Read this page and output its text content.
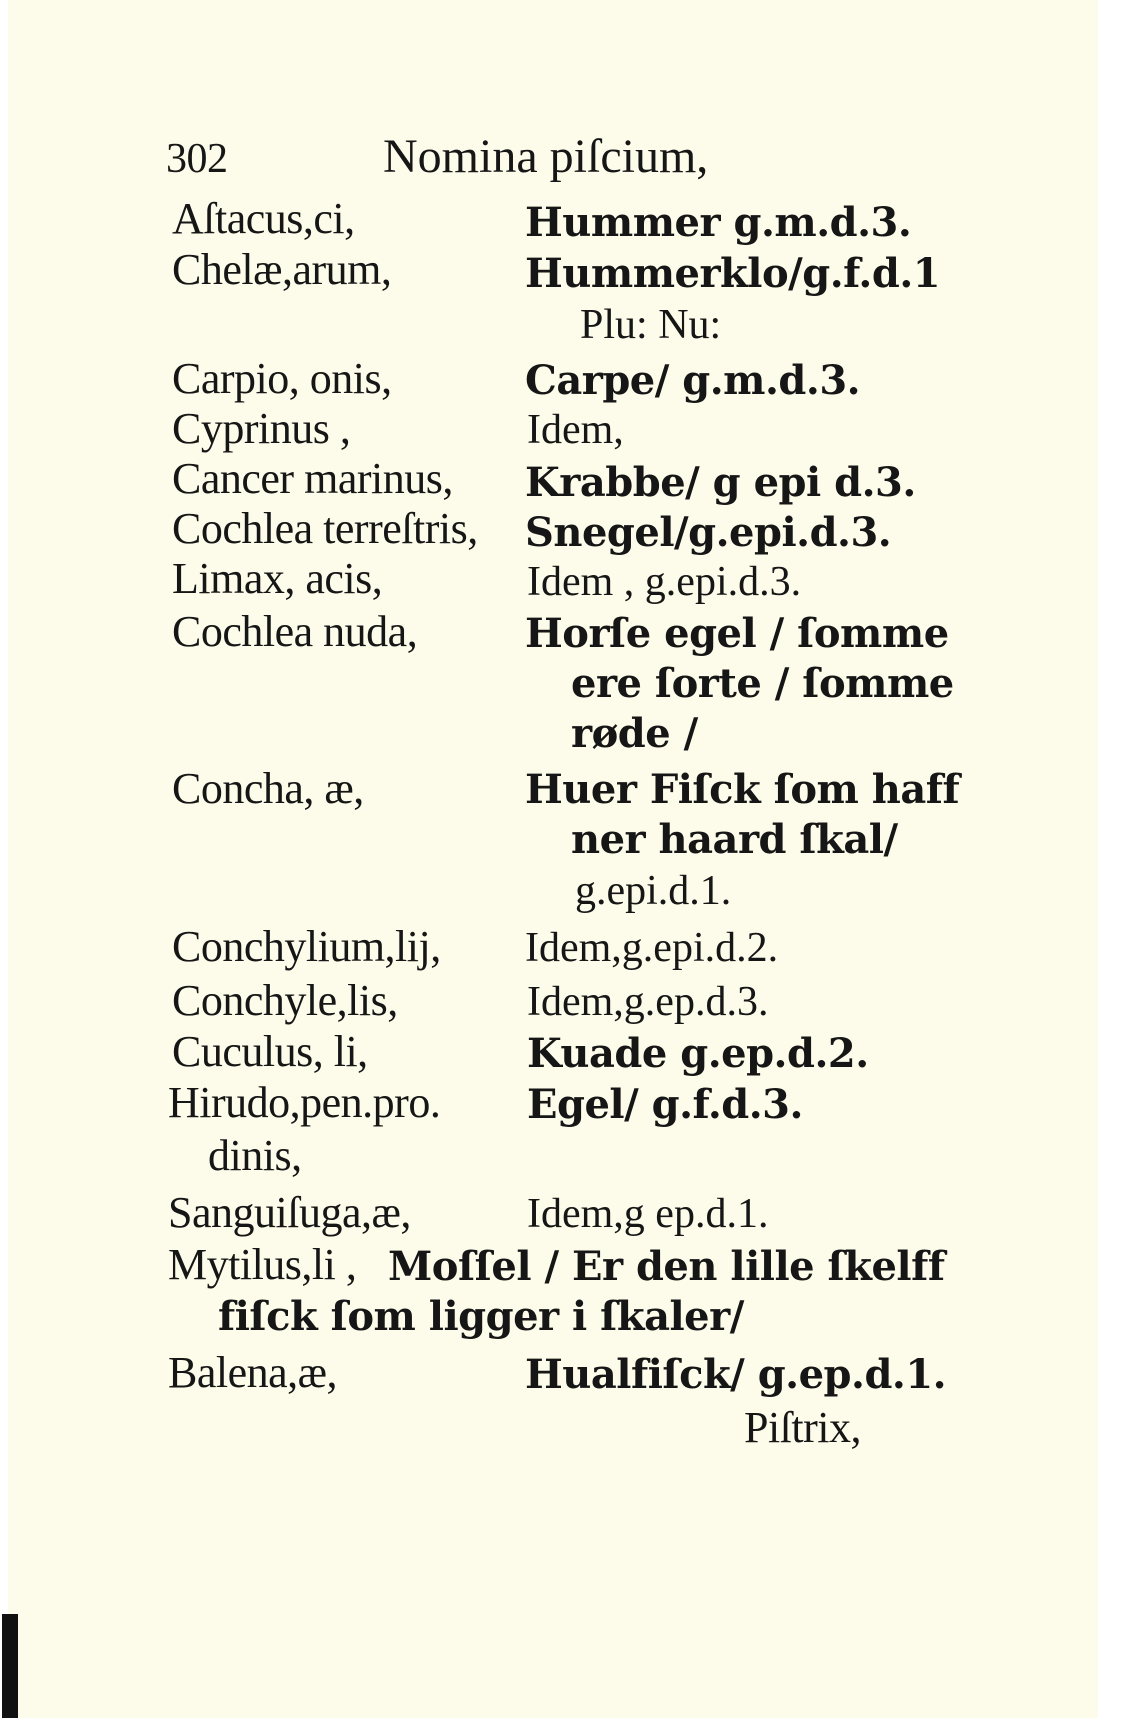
302	Nomina piſcium,
Aſtacus,ci,	Hummer g.m.d.3.
Chelæ,arum,	Hummerklo/g.f.d.1
Plu: Nu:
Carpio, onis,	Carpe/ g.m.d.3.
Cyprinus ,	Idem,
Cancer marinus, Krabbe/ g epi d.3.
Cochlea terreſtris, Snegel/g.epi.d.3.
Limax, acis,	Idem , g.epi.d.3.
Cochlea nuda,	Horſe egel / ſomme
ere ſorte / ſomme
røde /
Concha, æ,	Huer Fiſck ſom haff
ner haard ſkal/
g.epi.d.1.
Conchylium,lij, Idem,g.epi.d.2.
Conchyle,lis,	Idem,g.ep.d.3.
Cuculus, li,	Kuade g.ep.d.2.
Hirudo,pen.pro. Egel/ g.f.d.3.
dinis,
Sanguiſuga,æ,	Idem,g ep.d.1.
Mytilus,li , Moſſel / Er den lille ſkelff
fiſck ſom ligger i ſkaler/
Balena,æ,	Hualfiſck/ g.ep.d.1.
Piſtrix,
